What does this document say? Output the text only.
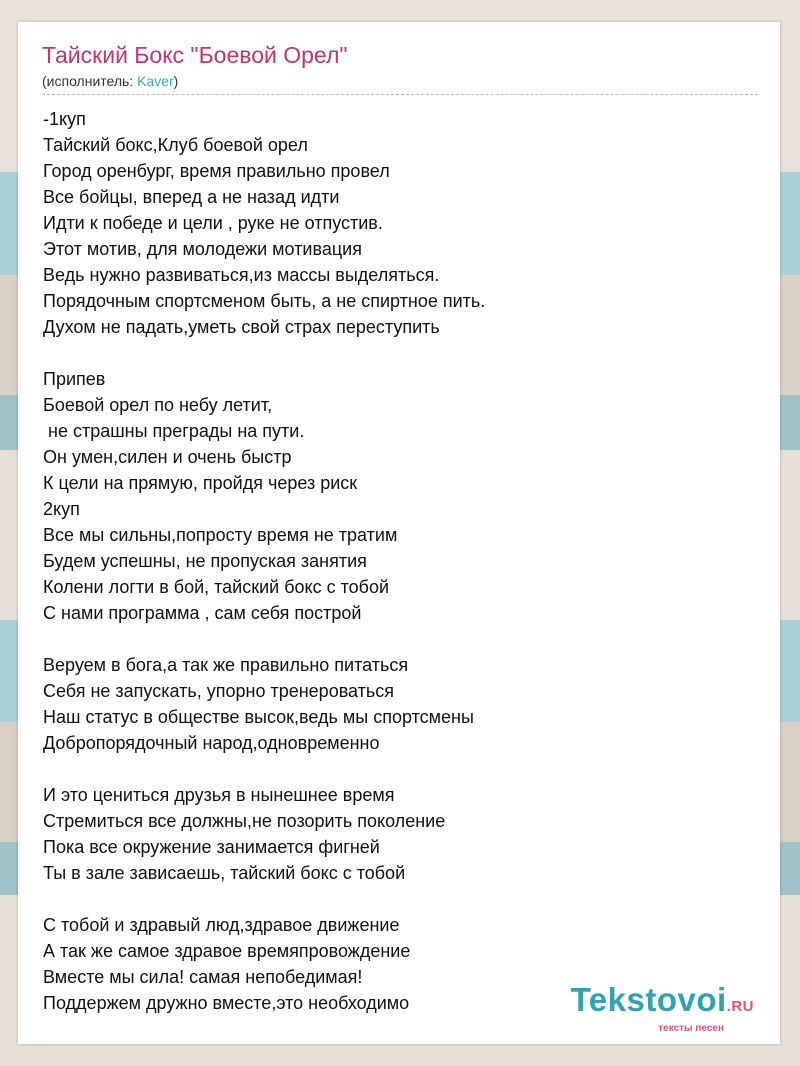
Тайский Бокс "Боевой Орел"
(исполнитель: Kaver)
-1куп
Тайский бокс,Клуб боевой орел
Город оренбург, время правильно провел
Все бойцы, вперед а не назад идти
Идти к победе и цели , руке не отпустив.
Этот мотив, для молодежи мотивация
Ведь нужно развиваться,из массы выделяться.
Порядочным спортсменом быть, а не спиртное пить.
Духом не падать,уметь свой страх переступить
Припев
Боевой орел по небу летит,
не страшны преграды на пути.
Он умен,силен и очень быстр
К цели на прямую, пройдя через риск
2куп
Все мы сильны,попросту время не тратим
Будем успешны, не пропуская занятия
Колени логти в бой, тайский бокс с тобой
С нами программа , сам себя построй
Веруем в бога,а так же правильно питаться
Себя не запускать, упорно тренероваться
Наш статус в обществе высок,ведь мы спортсмены
Добропорядочный народ,одновременно
И это цениться друзья в нынешнее время
Стремиться все должны,не позорить поколение
Пока все окружение занимается фигней
Ты в зале зависаешь, тайский бокс с тобой
С тобой и здравый люд,здравое движение
А так же самое здравое времяпровождение
Вместе мы сила! самая непобедимая!
Поддержем дружно вместе,это необходимо	Tekstovoi.RU
тексты песен
